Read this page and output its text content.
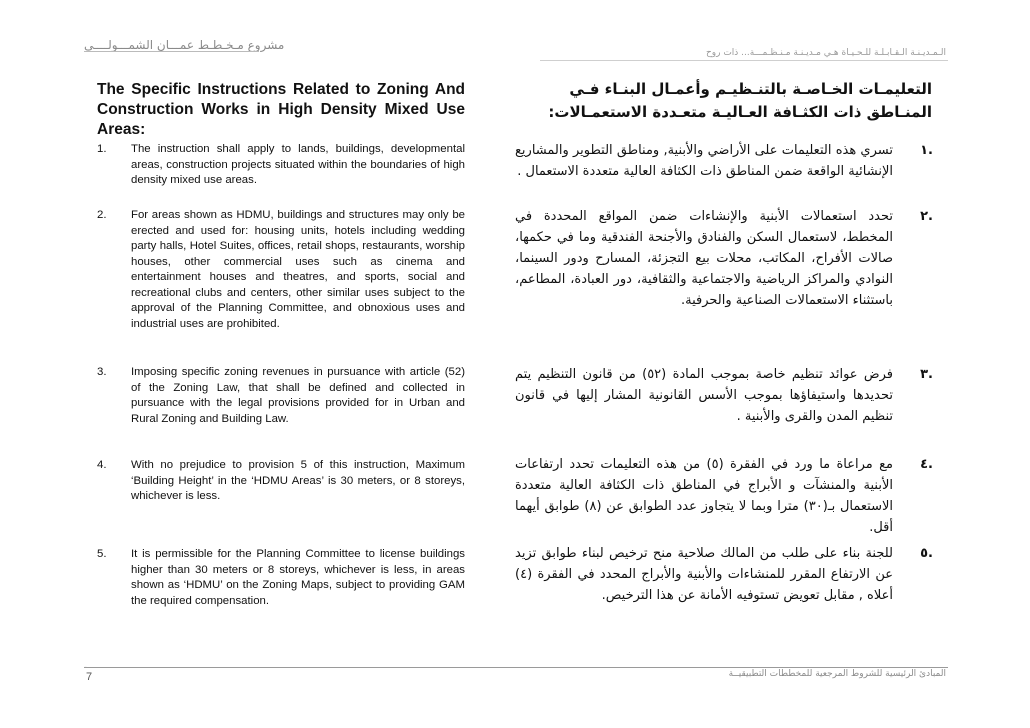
مشروع مـخـطـط عمـــان الشمـــولــــي
الـمـديـنـة الـقـابـلـة للـحـيـاة هـي مـديـنـة مـنـظـمـــة... ذات روح
The Specific Instructions Related to Zoning And Construction Works in High Density Mixed Use Areas:
التعليمـات الخـاصـة بالتنـظيـم وأعمـال البنـاء فـي المنـاطق ذات الكثـافة العـاليـة متعـددة الاستعمـالات:
1. The instruction shall apply to lands, buildings, developmental areas, construction projects situated within the boundaries of high density mixed use areas.
2. For areas shown as HDMU, buildings and structures may only be erected and used for: housing units, hotels including wedding party halls, Hotel Suites, offices, retail shops, restaurants, worship houses, other commercial uses such as cinema and entertainment houses and theatres, and sports, social and recreational clubs and centers, other similar uses subject to the approval of the Planning Committee, and obnoxious uses and industrial uses are prohibited.
3. Imposing specific zoning revenues in pursuance with article (52) of the Zoning Law, that shall be defined and collected in pursuance with the legal provisions provided for in Urban and Rural Zoning and Building Law.
4. With no prejudice to provision 5 of this instruction, Maximum ‘Building Height’ in the ‘HDMU Areas’ is 30 meters, or 8 storeys, whichever is less.
5. It is permissible for the Planning Committee to license buildings higher than 30 meters or 8 storeys, whichever is less, in areas shown as ‘HDMU’ on the Zoning Maps, subject to providing GAM the required compensation.
.١
تسري هذه التعليمات على الأراضي والأبنية, ومناطق التطوير والمشاريع الإنشائية الواقعة ضمن المناطق ذات الكثافة العالية متعددة الاستعمال .
.٢
تحدد استعمالات الأبنية والإنشاءات ضمن المواقع المحددة في المخطط، لاستعمال السكن والفنادق والأجنحة الفندقية وما في حكمها، صالات الأفراح، المكاتب، محلات بيع التجزئة، المسارح ودور السينما، النوادي والمراكز الرياضية والاجتماعية والثقافية، دور العبادة، المطاعم، باستثناء الاستعمالات الصناعية والحرفية.
.٣
فرض عوائد تنظيم خاصة بموجب المادة (٥٢) من قانون التنظيم يتم تحديدها واستيفاؤها بموجب الأسس القانونية المشار إليها في قانون تنظيم المدن والقرى والأبنية .
.٤
مع مراعاة ما ورد في الفقرة (٥) من هذه التعليمات تحدد ارتفاعات الأبنية والمنشآت و الأبراج في المناطق ذات الكثافة العالية متعددة الاستعمال بـ(٣٠) مترا وبما لا يتجاوز عدد الطوابق عن (٨) طوابق أيهما أقل.
.٥
للجنة بناء على طلب من المالك صلاحية منح ترخيص لبناء طوابق تزيد عن الارتفاع المقرر للمنشاءات والأبنية والأبراج المحدد في الفقرة (٤) أعلاه , مقابل تعويض تستوفيه الأمانة عن هذا الترخيص.
-
7	المبادئ الرئيسية للشروط المرجعية للمخططات التطبيقيــة
